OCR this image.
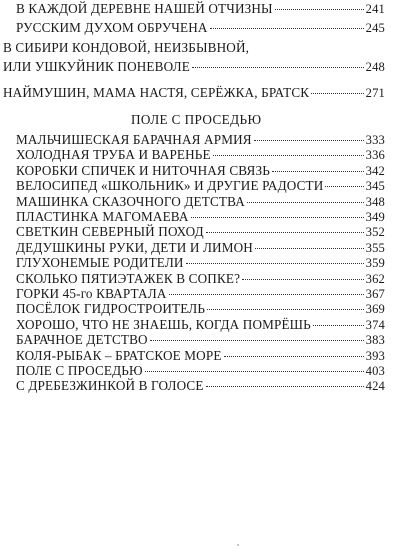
В КАЖДОЙ ДЕРЕВНЕ НАШЕЙ ОТЧИЗНЫ	241
РУССКИМ ДУХОМ ОБРУЧЕНА	245
В СИБИРИ КОНДОВОЙ, НЕИЗБЫВНОЙ,
ИЛИ УШКУЙНИК ПОНЕВОЛЕ	248
НАЙМУШИН, МАМА НАСТЯ, СЕРЁЖКА, БРАТСК	271
ПОЛЕ С ПРОСЕДЬЮ
МАЛЬЧИШЕСКАЯ БАРАЧНАЯ АРМИЯ	333
ХОЛОДНАЯ ТРУБА И ВАРЕНЬЕ	336
КОРОБКИ СПИЧЕК И НИТОЧНАЯ СВЯЗЬ	342
ВЕЛОСИПЕД «ШКОЛЬНИК» И ДРУГИЕ РАДОСТИ	345
МАШИНКА СКАЗОЧНОГО ДЕТСТВА	348
ПЛАСТИНКА МАГОМАЕВА	349
СВЕТКИН СЕВЕРНЫЙ ПОХОД	352
ДЕДУШКИНЫ РУКИ, ДЕТИ И ЛИМОН	355
ГЛУХОНЕМЫЕ РОДИТЕЛИ	359
СКОЛЬКО ПЯТИЭТАЖЕК В СОПКЕ?	362
ГОРКИ 45-го КВАРТАЛА	367
ПОСЁЛОК ГИДРОСТРОИТЕЛЬ	369
ХОРОШО, ЧТО НЕ ЗНАЕШЬ, КОГДА ПОМРЁШЬ	374
БАРАЧНОЕ ДЕТСТВО	383
КОЛЯ-РЫБАК – БРАТСКОЕ МОРЕ	393
ПОЛЕ С ПРОСЕДЬЮ	403
С ДРЕБЕЗЖИНКОЙ В ГОЛОСЕ	424
